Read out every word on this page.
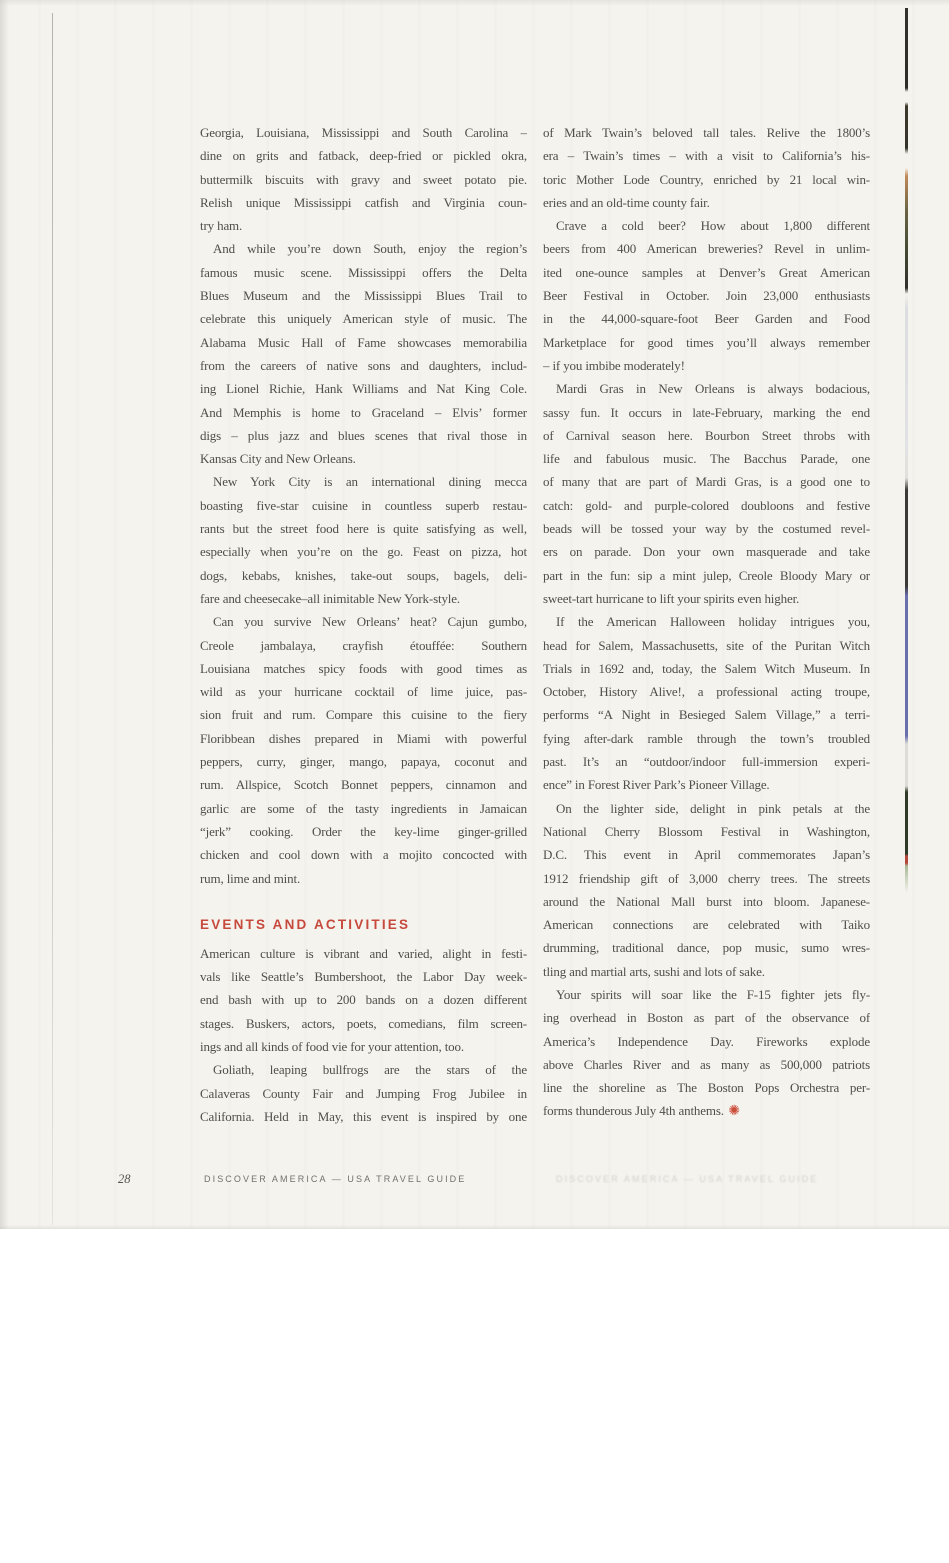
Georgia, Louisiana, Mississippi and South Carolina –
dine on grits and fatback, deep-fried or pickled okra,
buttermilk biscuits with gravy and sweet potato pie.
Relish unique Mississippi catfish and Virginia coun-
try ham.
And while you’re down South, enjoy the region’s
famous music scene. Mississippi offers the Delta
Blues Museum and the Mississippi Blues Trail to
celebrate this uniquely American style of music. The
Alabama Music Hall of Fame showcases memorabilia
from the careers of native sons and daughters, includ-
ing Lionel Richie, Hank Williams and Nat King Cole.
And Memphis is home to Graceland – Elvis’ former
digs – plus jazz and blues scenes that rival those in
Kansas City and New Orleans.
New York City is an international dining mecca
boasting five-star cuisine in countless superb restau-
rants but the street food here is quite satisfying as well,
especially when you’re on the go. Feast on pizza, hot
dogs, kebabs, knishes, take-out soups, bagels, deli-
fare and cheesecake–all inimitable New York-style.
Can you survive New Orleans’ heat? Cajun gumbo,
Creole jambalaya, crayfish étouffée: Southern
Louisiana matches spicy foods with good times as
wild as your hurricane cocktail of lime juice, pas-
sion fruit and rum. Compare this cuisine to the fiery
Floribbean dishes prepared in Miami with powerful
peppers, curry, ginger, mango, papaya, coconut and
rum. Allspice, Scotch Bonnet peppers, cinnamon and
garlic are some of the tasty ingredients in Jamaican
“jerk” cooking. Order the key-lime ginger-grilled
chicken and cool down with a mojito concocted with
rum, lime and mint.
EVENTS AND ACTIVITIES
American culture is vibrant and varied, alight in festi-
vals like Seattle’s Bumbershoot, the Labor Day week-
end bash with up to 200 bands on a dozen different
stages. Buskers, actors, poets, comedians, film screen-
ings and all kinds of food vie for your attention, too.
Goliath, leaping bullfrogs are the stars of the
Calaveras County Fair and Jumping Frog Jubilee in
California. Held in May, this event is inspired by one
of Mark Twain’s beloved tall tales. Relive the 1800’s
era – Twain’s times – with a visit to California’s his-
toric Mother Lode Country, enriched by 21 local win-
eries and an old-time county fair.
Crave a cold beer? How about 1,800 different
beers from 400 American breweries? Revel in unlim-
ited one-ounce samples at Denver’s Great American
Beer Festival in October. Join 23,000 enthusiasts
in the 44,000-square-foot Beer Garden and Food
Marketplace for good times you’ll always remember
– if you imbibe moderately!
Mardi Gras in New Orleans is always bodacious,
sassy fun. It occurs in late-February, marking the end
of Carnival season here. Bourbon Street throbs with
life and fabulous music. The Bacchus Parade, one
of many that are part of Mardi Gras, is a good one to
catch: gold- and purple-colored doubloons and festive
beads will be tossed your way by the costumed revel-
ers on parade. Don your own masquerade and take
part in the fun: sip a mint julep, Creole Bloody Mary or
sweet-tart hurricane to lift your spirits even higher.
If the American Halloween holiday intrigues you,
head for Salem, Massachusetts, site of the Puritan Witch
Trials in 1692 and, today, the Salem Witch Museum. In
October, History Alive!, a professional acting troupe,
performs “A Night in Besieged Salem Village,” a terri-
fying after-dark ramble through the town’s troubled
past. It’s an “outdoor/indoor full-immersion experi-
ence” in Forest River Park’s Pioneer Village.
On the lighter side, delight in pink petals at the
National Cherry Blossom Festival in Washington,
D.C. This event in April commemorates Japan’s
1912 friendship gift of 3,000 cherry trees. The streets
around the National Mall burst into bloom. Japanese-
American connections are celebrated with Taiko
drumming, traditional dance, pop music, sumo wres-
tling and martial arts, sushi and lots of sake.
Your spirits will soar like the F-15 fighter jets fly-
ing overhead in Boston as part of the observance of
America’s Independence Day. Fireworks explode
above Charles River and as many as 500,000 patriots
line the shoreline as The Boston Pops Orchestra per-
forms thunderous July 4th anthems. ✺
28	DISCOVER AMERICA — USA TRAVEL GUIDE	DISCOVER AMERICA — USA TRAVEL GUIDE
